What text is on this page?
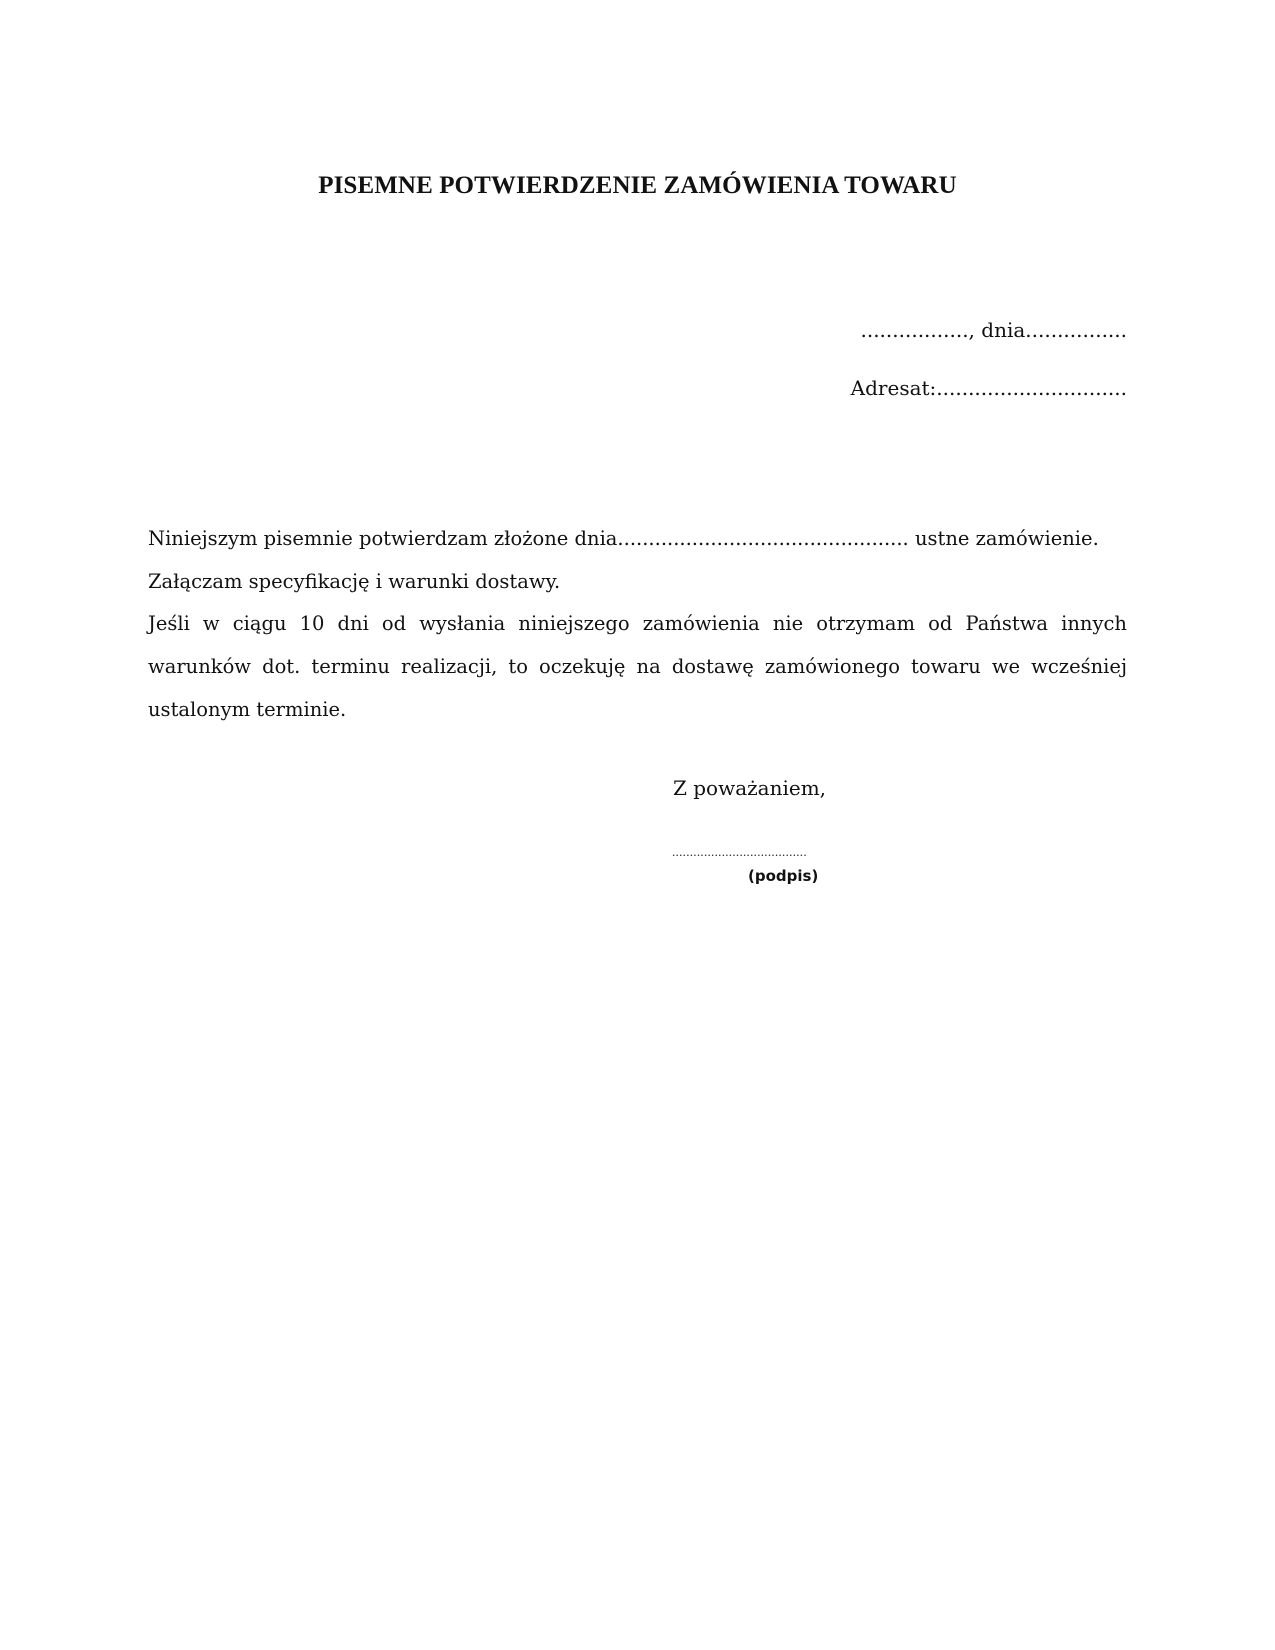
PISEMNE POTWIERDZENIE ZAMÓWIENIA TOWARU
................., dnia................
Adresat:..............................
Niniejszym pisemnie potwierdzam złożone dnia............................................... ustne zamówienie.
Załączam specyfikację i warunki dostawy.
Jeśli w ciągu 10 dni od wysłania niniejszego zamówienia nie otrzymam od Państwa innych
warunków dot. terminu realizacji, to oczekuję na dostawę zamówionego towaru we wcześniej
ustalonym terminie.
Z poważaniem,
......................................
(podpis)
